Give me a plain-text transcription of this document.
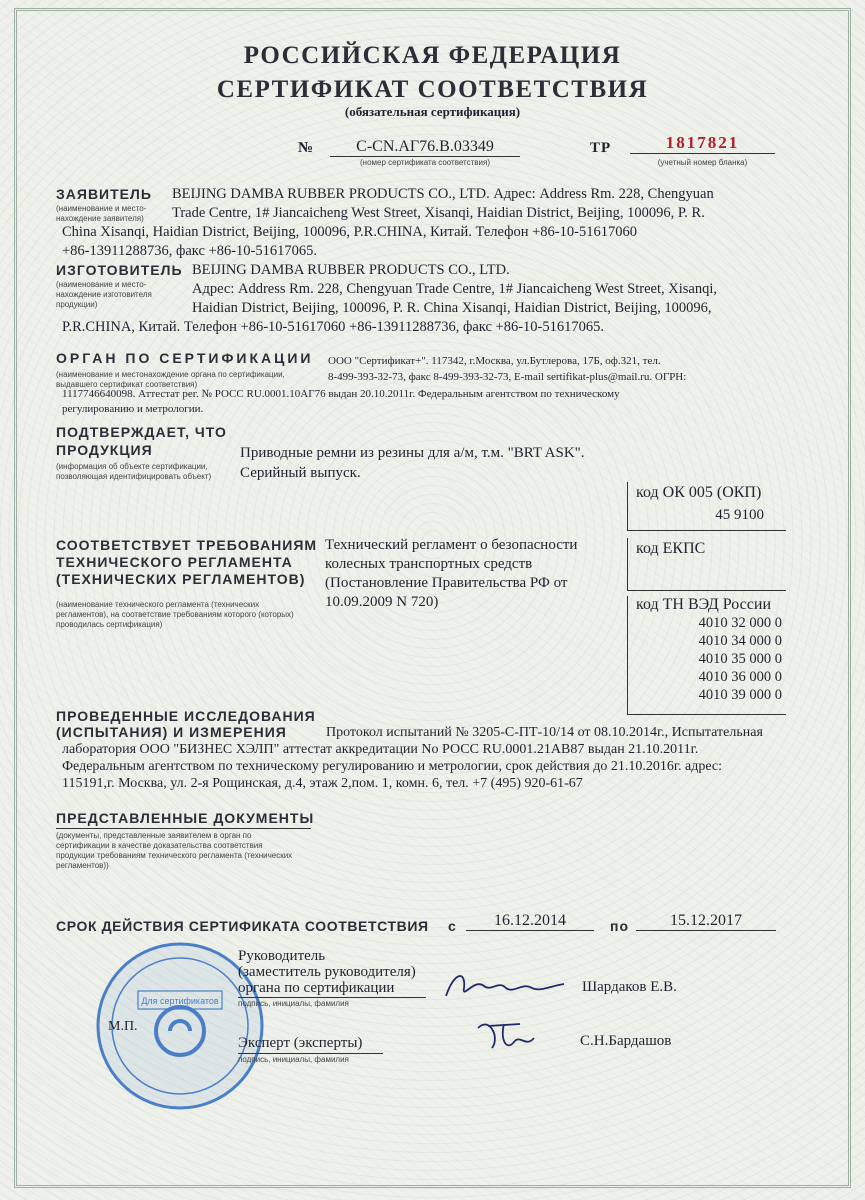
РОССИЙСКАЯ ФЕДЕРАЦИЯ
СЕРТИФИКАТ СООТВЕТСТВИЯ
(обязательная сертификация)
№	C-CN.АГ76.В.03349
(номер сертификата соответствия)
ТР	1817821
(учетный номер бланка)
ЗАЯВИТЕЛЬ
(наименование и место-нахождение заявителя)
BEIJING DAMBA RUBBER PRODUCTS CO., LTD. Адрес: Address Rm. 228, Chengyuan
Trade Centre, 1# Jiancaicheng West Street, Xisanqi, Haidian District, Beijing, 100096, P. R.
China Xisanqi, Haidian District, Beijing, 100096, P.R.CHINA, Китай. Телефон +86-10-51617060
+86-13911288736, факс +86-10-51617065.
ИЗГОТОВИТЕЛЬ
(наименование и место-нахождение изготовителя продукции)
BEIJING DAMBA RUBBER PRODUCTS CO., LTD.
Адрес: Address Rm. 228, Chengyuan Trade Centre, 1# Jiancaicheng West Street, Xisanqi,
Haidian District, Beijing, 100096, P. R. China Xisanqi, Haidian District, Beijing, 100096,
P.R.CHINA, Китай. Телефон +86-10-51617060 +86-13911288736, факс +86-10-51617065.
ОРГАН ПО СЕРТИФИКАЦИИ
(наименование и местонахождение органа по сертификации, выдавшего сертификат соответствия)
ООО "Сертификат+". 117342, г.Москва, ул.Бутлерова, 17Б, оф.321, тел.
8-499-393-32-73, факс 8-499-393-32-73, E-mail sertifikat-plus@mail.ru. ОГРН:
1117746640098. Аттестат рег. № РОСС RU.0001.10АГ76 выдан 20.10.2011г. Федеральным агентством по техническому
регулированию и метрологии.
ПОДТВЕРЖДАЕТ, ЧТО
ПРОДУКЦИЯ
(информация об объекте сертификации, позволяющая идентифицировать объект)
Приводные ремни из резины для а/м, т.м. "BRT ASK".
Серийный выпуск.
код ОК 005 (ОКП)
45 9100
код ЕКПС
код ТН ВЭД России
4010 32 000 0
4010 34 000 0
4010 35 000 0
4010 36 000 0
4010 39 000 0
СООТВЕТСТВУЕТ ТРЕБОВАНИЯМ
ТЕХНИЧЕСКОГО РЕГЛАМЕНТА
(ТЕХНИЧЕСКИХ РЕГЛАМЕНТОВ)
(наименование технического регламента (технических регламентов), на соответствие требованиям которого (которых) проводилась сертификация)
Технический регламент о безопасности
колесных транспортных средств
(Постановление Правительства РФ от
10.09.2009 N 720)
ПРОВЕДЕННЫЕ ИССЛЕДОВАНИЯ
(ИСПЫТАНИЯ) И ИЗМЕРЕНИЯ	Протокол испытаний № 3205-С-ПТ-10/14 от 08.10.2014г., Испытательная
лаборатория ООО "БИЗНЕС ХЭЛП" аттестат аккредитации No РОСС RU.0001.21АВ87 выдан 21.10.2011г.
Федеральным агентством по техническому регулированию и метрологии, срок действия до 21.10.2016г. адрес:
115191,г. Москва, ул. 2-я Рощинская, д.4, этаж 2,пом. 1, комн. 6, тел. +7 (495) 920-61-67
ПРЕДСТАВЛЕННЫЕ ДОКУМЕНТЫ
(документы, представленные заявителем в орган по сертификации в качестве доказательства соответствия продукции требованиям технического регламента (технических регламентов))
СРОК ДЕЙСТВИЯ СЕРТИФИКАТА СООТВЕТСТВИЯ с	16.12.2014	по	15.12.2017
Для сертификатов
М.П.
Руководитель
(заместитель руководителя)
органа по сертификации
подпись, инициалы, фамилия
Шардаков Е.В.
Эксперт (эксперты)
подпись, инициалы, фамилия
С.Н.Бардашов
